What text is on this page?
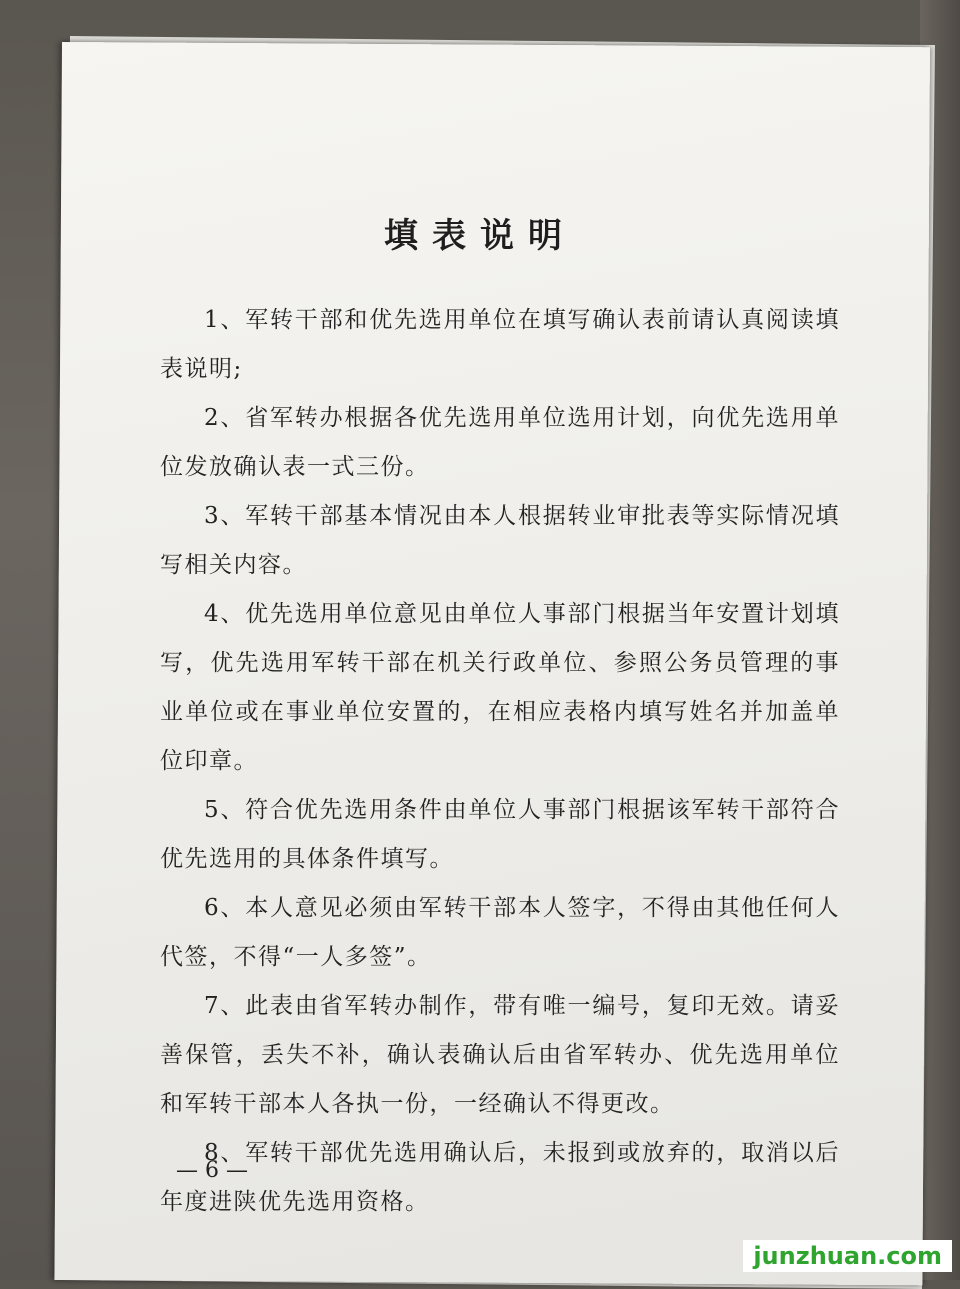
填表说明

1、军转干部和优先选用单位在填写确认表前请认真阅读填表说明;

2、省军转办根据各优先选用单位选用计划，向优先选用单位发放确认表一式三份。

3、军转干部基本情况由本人根据转业审批表等实际情况填写相关内容。

4、优先选用单位意见由单位人事部门根据当年安置计划填写，优先选用军转干部在机关行政单位、参照公务员管理的事业单位或在事业单位安置的，在相应表格内填写姓名并加盖单位印章。

5、符合优先选用条件由单位人事部门根据该军转干部符合优先选用的具体条件填写。

6、本人意见必须由军转干部本人签字，不得由其他任何人代签，不得“一人多签”。

7、此表由省军转办制作，带有唯一编号，复印无效。请妥善保管，丢失不补，确认表确认后由省军转办、优先选用单位和军转干部本人各执一份，一经确认不得更改。

8、军转干部优先选用确认后，未报到或放弃的，取消以后年度进陕优先选用资格。

— 6 —
junzhuan.com
